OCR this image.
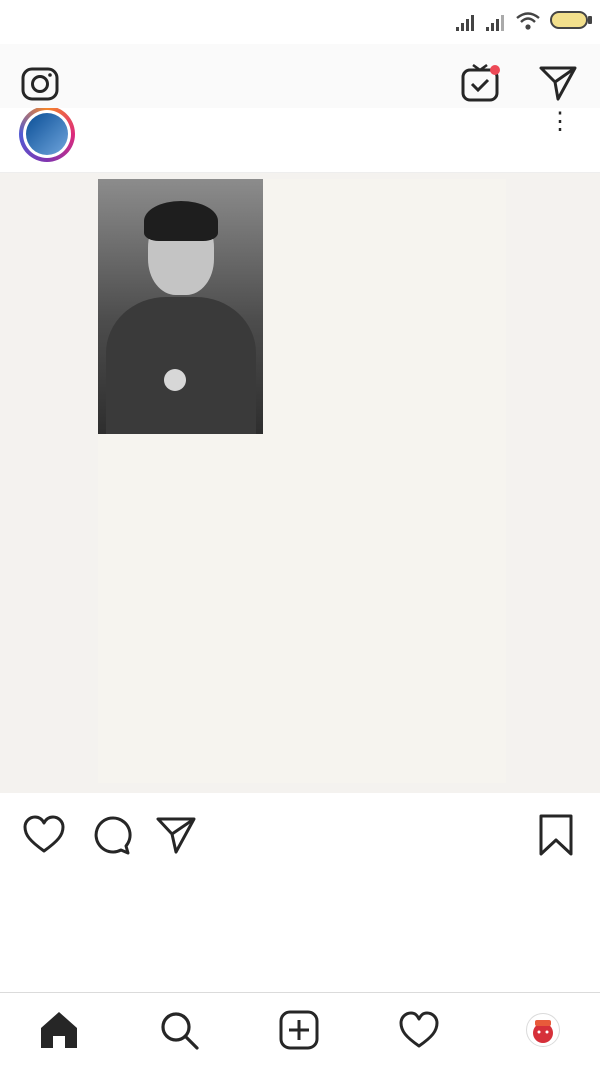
⋮
